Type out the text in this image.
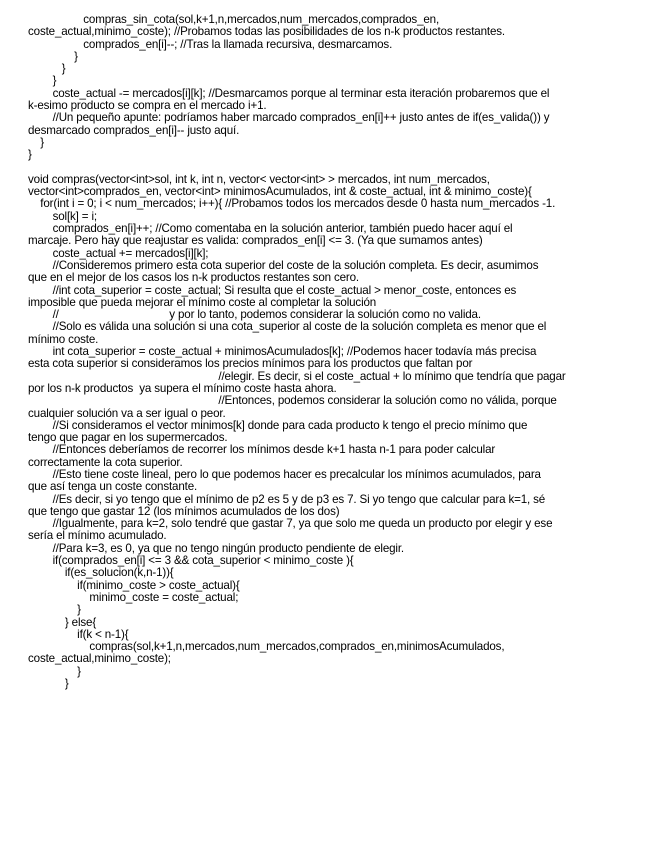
compras_sin_cota(sol,k+1,n,mercados,num_mercados,comprados_en,
coste_actual,minimo_coste); //Probamos todas las posibilidades de los n-k productos restantes.
comprados_en[i]--; //Tras la llamada recursiva, desmarcamos.
}
}
}
coste_actual -= mercados[i][k]; //Desmarcamos porque al terminar esta iteración probaremos que el
k-esimo producto se compra en el mercado i+1.
//Un pequeño apunte: podríamos haber marcado comprados_en[i]++ justo antes de if(es_valida()) y
desmarcado comprados_en[i]-- justo aquí.
}
}
void compras(vector<int>sol, int k, int n, vector< vector<int> > mercados, int num_mercados,
vector<int>comprados_en, vector<int> minimosAcumulados, int & coste_actual, int & minimo_coste){
for(int i = 0; i < num_mercados; i++){ //Probamos todos los mercados desde 0 hasta num_mercados -1.
sol[k] = i;
comprados_en[i]++; //Como comentaba en la solución anterior, también puedo hacer aquí el
marcaje. Pero hay que reajustar es valida: comprados_en[i] <= 3. (Ya que sumamos antes)
coste_actual += mercados[i][k];
//Consideremos primero esta cota superior del coste de la solución completa. Es decir, asumimos
que en el mejor de los casos los n-k productos restantes son cero.
//int cota_superior = coste_actual; Si resulta que el coste_actual > menor_coste, entonces es
imposible que pueda mejorar el mínimo coste al completar la solución
//                                    y por lo tanto, podemos considerar la solución como no valida.
//Solo es válida una solución si una cota_superior al coste de la solución completa es menor que el
mínimo coste.
int cota_superior = coste_actual + minimosAcumulados[k]; //Podemos hacer todavía más precisa
esta cota superior si consideramos los precios mínimos para los productos que faltan por
//elegir. Es decir, si el coste_actual + lo mínimo que tendría que pagar
por los n-k productos  ya supera el mínimo coste hasta ahora.
//Entonces, podemos considerar la solución como no válida, porque
cualquier solución va a ser igual o peor.
//Si consideramos el vector minimos[k] donde para cada producto k tengo el precio mínimo que
tengo que pagar en los supermercados.
//Entonces deberíamos de recorrer los mínimos desde k+1 hasta n-1 para poder calcular
correctamente la cota superior.
//Esto tiene coste lineal, pero lo que podemos hacer es precalcular los mínimos acumulados, para
que así tenga un coste constante.
//Es decir, si yo tengo que el mínimo de p2 es 5 y de p3 es 7. Si yo tengo que calcular para k=1, sé
que tengo que gastar 12 (los mínimos acumulados de los dos)
//Igualmente, para k=2, solo tendré que gastar 7, ya que solo me queda un producto por elegir y ese
sería el mínimo acumulado.
//Para k=3, es 0, ya que no tengo ningún producto pendiente de elegir.
if(comprados_en[i] <= 3 && cota_superior < minimo_coste ){
if(es_solucion(k,n-1)){
if(minimo_coste > coste_actual){
minimo_coste = coste_actual;
}
} else{
if(k < n-1){
compras(sol,k+1,n,mercados,num_mercados,comprados_en,minimosAcumulados,
coste_actual,minimo_coste);
}
}
